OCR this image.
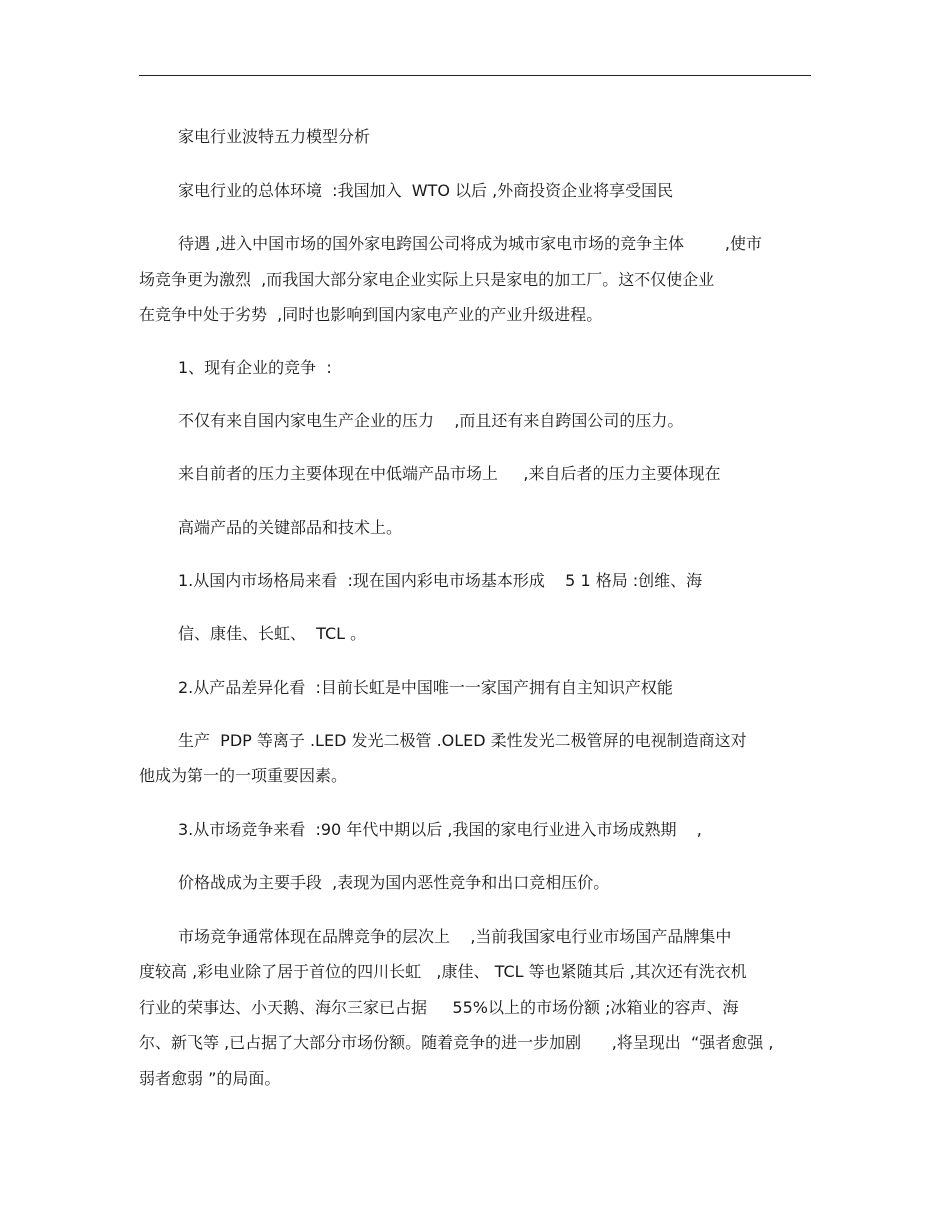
家电行业波特五力模型分析
家电行业的总体环境  :我国加入  WTO 以后 ,外商投资企业将享受国民
待遇 ,进入中国市场的国外家电跨国公司将成为城市家电市场的竞争主体        ,使市
场竞争更为激烈  ,而我国大部分家电企业实际上只是家电的加工厂。这不仅使企业
在竞争中处于劣势  ,同时也影响到国内家电产业的产业升级进程。
1、现有企业的竞争  :
不仅有来自国内家电生产企业的压力    ,而且还有来自跨国公司的压力。
来自前者的压力主要体现在中低端产品市场上     ,来自后者的压力主要体现在
高端产品的关键部品和技术上。
1.从国内市场格局来看  :现在国内彩电市场基本形成    5 1 格局 :创维、海
信、康佳、长虹、  TCL 。
2.从产品差异化看  :目前长虹是中国唯一一家国产拥有自主知识产权能
生产  PDP 等离子 .LED 发光二极管 .OLED 柔性发光二极管屏的电视制造商这对
他成为第一的一项重要因素。
3.从市场竞争来看  :90 年代中期以后 ,我国的家电行业进入市场成熟期    ,
价格战成为主要手段  ,表现为国内恶性竞争和出口竞相压价。
市场竞争通常体现在品牌竞争的层次上    ,当前我国家电行业市场国产品牌集中
度较高 ,彩电业除了居于首位的四川长虹   ,康佳、 TCL 等也紧随其后 ,其次还有洗衣机
行业的荣事达、小天鹅、海尔三家已占据     55%以上的市场份额 ;冰箱业的容声、海
尔、新飞等 ,已占据了大部分市场份额。随着竞争的进一步加剧      ,将呈现出  “强者愈强 ,
弱者愈弱 ”的局面。
